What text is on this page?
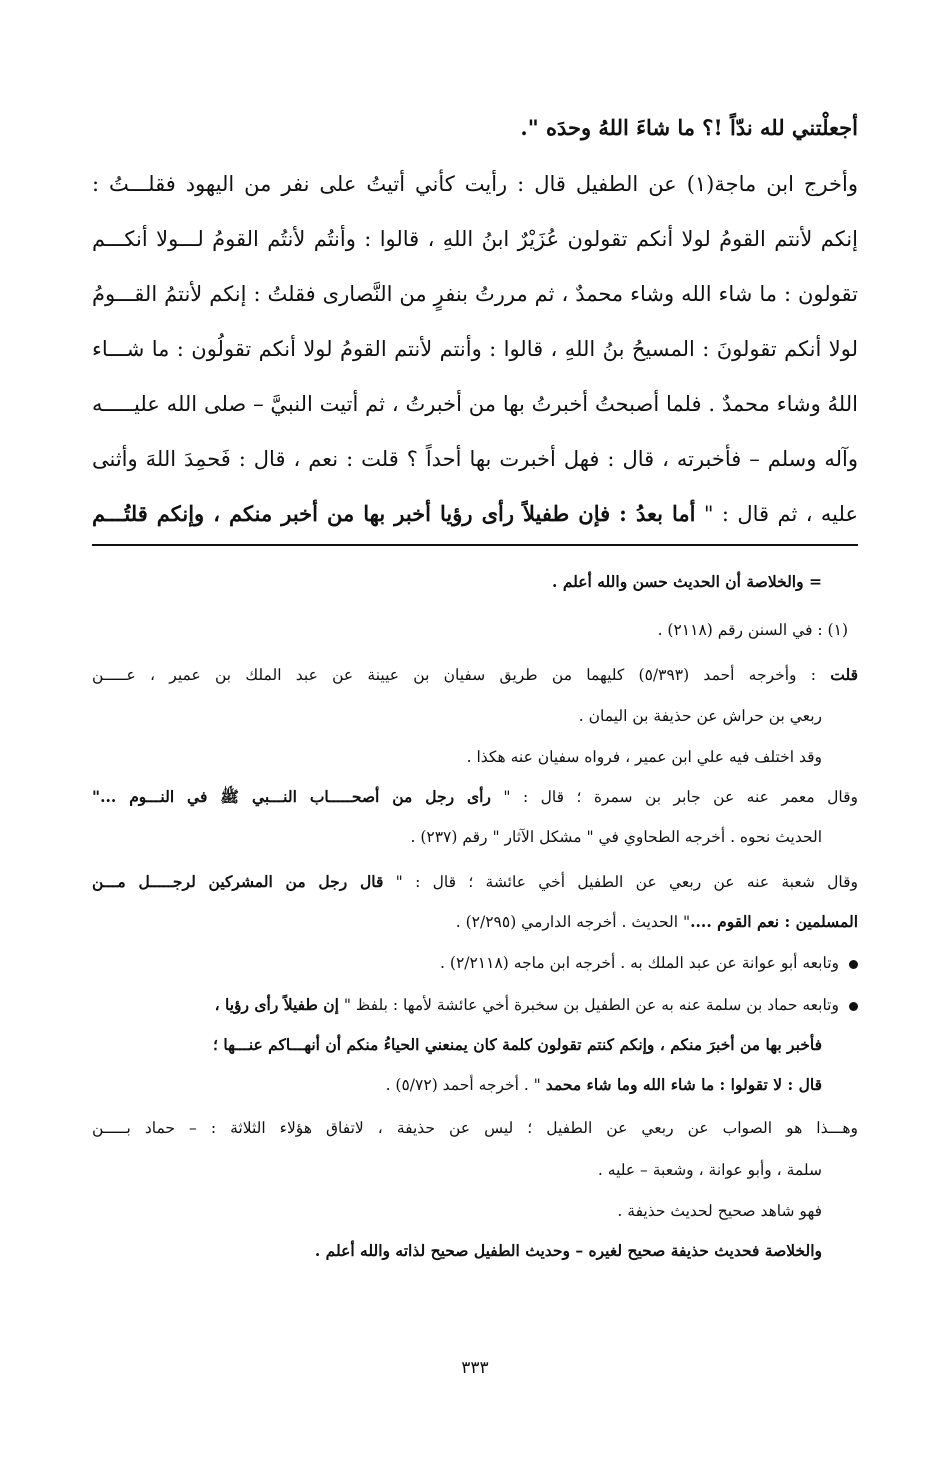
أجعلْتني لله ندّاً !؟ ما شاءَ اللهُ وحدَه ".
وأخرج ابن ماجة(١) عن الطفيل قال : رأيت كأني أتيتُ على نفر من اليهود فقلـــتُ :
إنكم لأنتم القومُ لولا أنكم تقولون عُزَيْرٌ ابنُ اللهِ ، قالوا : وأنتُم لأنتُم القومُ لـــولا أنكـــم
تقولون : ما شاء الله وشاء محمدٌ ، ثم مررتُ بنفرٍ من النَّصارى فقلتُ : إنكم لأنتمُ القـــومُ
لولا أنكم تقولونَ : المسيحُ بنُ اللهِ ، قالوا : وأنتم لأنتم القومُ لولا أنكم تقولُون : ما شـــاء
اللهُ وشاء محمدٌ . فلما أصبحتُ أخبرتُ بها من أخبرتُ ، ثم أتيت النبيَّ – صلى الله عليـــــه
وآله وسلم – فأخبرته ، قال : فهل أخبرت بها أحداً ؟ قلت : نعم ، قال : فَحمِدَ اللهَ وأثنى
عليه ، ثم قال : " أما بعدُ : فإن طفيلاً رأى رؤيا أخبر بها من أخبر منكم ، وإنكم قلتُـــم
= والخلاصة أن الحديث حسن والله أعلم .
(١) : في السنن رقم (٢١١٨) .
قلت : وأخرجه أحمد (٥/٣٩٣) كليهما من طريق سفيان بن عيينة عن عبد الملك بن عمير ، عـــــن
ربعي بن حراش عن حذيفة بن اليمان .
وقد اختلف فيه علي ابن عمير ، فرواه سفيان عنه هكذا .
وقال معمر عنه عن جابر بن سمرة ؛ قال : " رأى رجل من أصحـــــاب النـــبي ﷺ في النـــوم ..."
الحديث نحوه . أخرجه الطحاوي في " مشكل الآثار " رقم (٢٣٧) .
وقال شعبة عنه عن ربعي عن الطفيل أخي عائشة ؛ قال : " قال رجل من المشركين لرجـــــل مـــن
المسلمين : نعم القوم ...." الحديث . أخرجه الدارمي (٢/٢٩٥) .
وتابعه أبو عوانة عن عبد الملك به . أخرجه ابن ماجه (٢/٢١١٨) .
وتابعه حماد بن سلمة عنه به عن الطفيل بن سخبرة أخي عائشة لأمها : بلفظ " إن طفيلاً رأى رؤيا ،
فأخبر بها من أخبرَ منكم ، وإنكم كنتم تقولون كلمة كان يمنعني الحياءُ منكم أن أنهـــاكم عنـــها ؛
قال : لا تقولوا : ما شاء الله وما شاء محمد " . أخرجه أحمد (٥/٧٢) .
وهـــذا هو الصواب عن ربعي عن الطفيل ؛ ليس عن حذيفة ، لاتفاق هؤلاء الثلاثة : – حماد بـــــن
سلمة ، وأبو عوانة ، وشعبة – عليه .
فهو شاهد صحيح لحديث حذيفة .
والخلاصة فحديث حذيفة صحيح لغيره – وحديث الطفيل صحيح لذاته والله أعلم .
٣٣٣
